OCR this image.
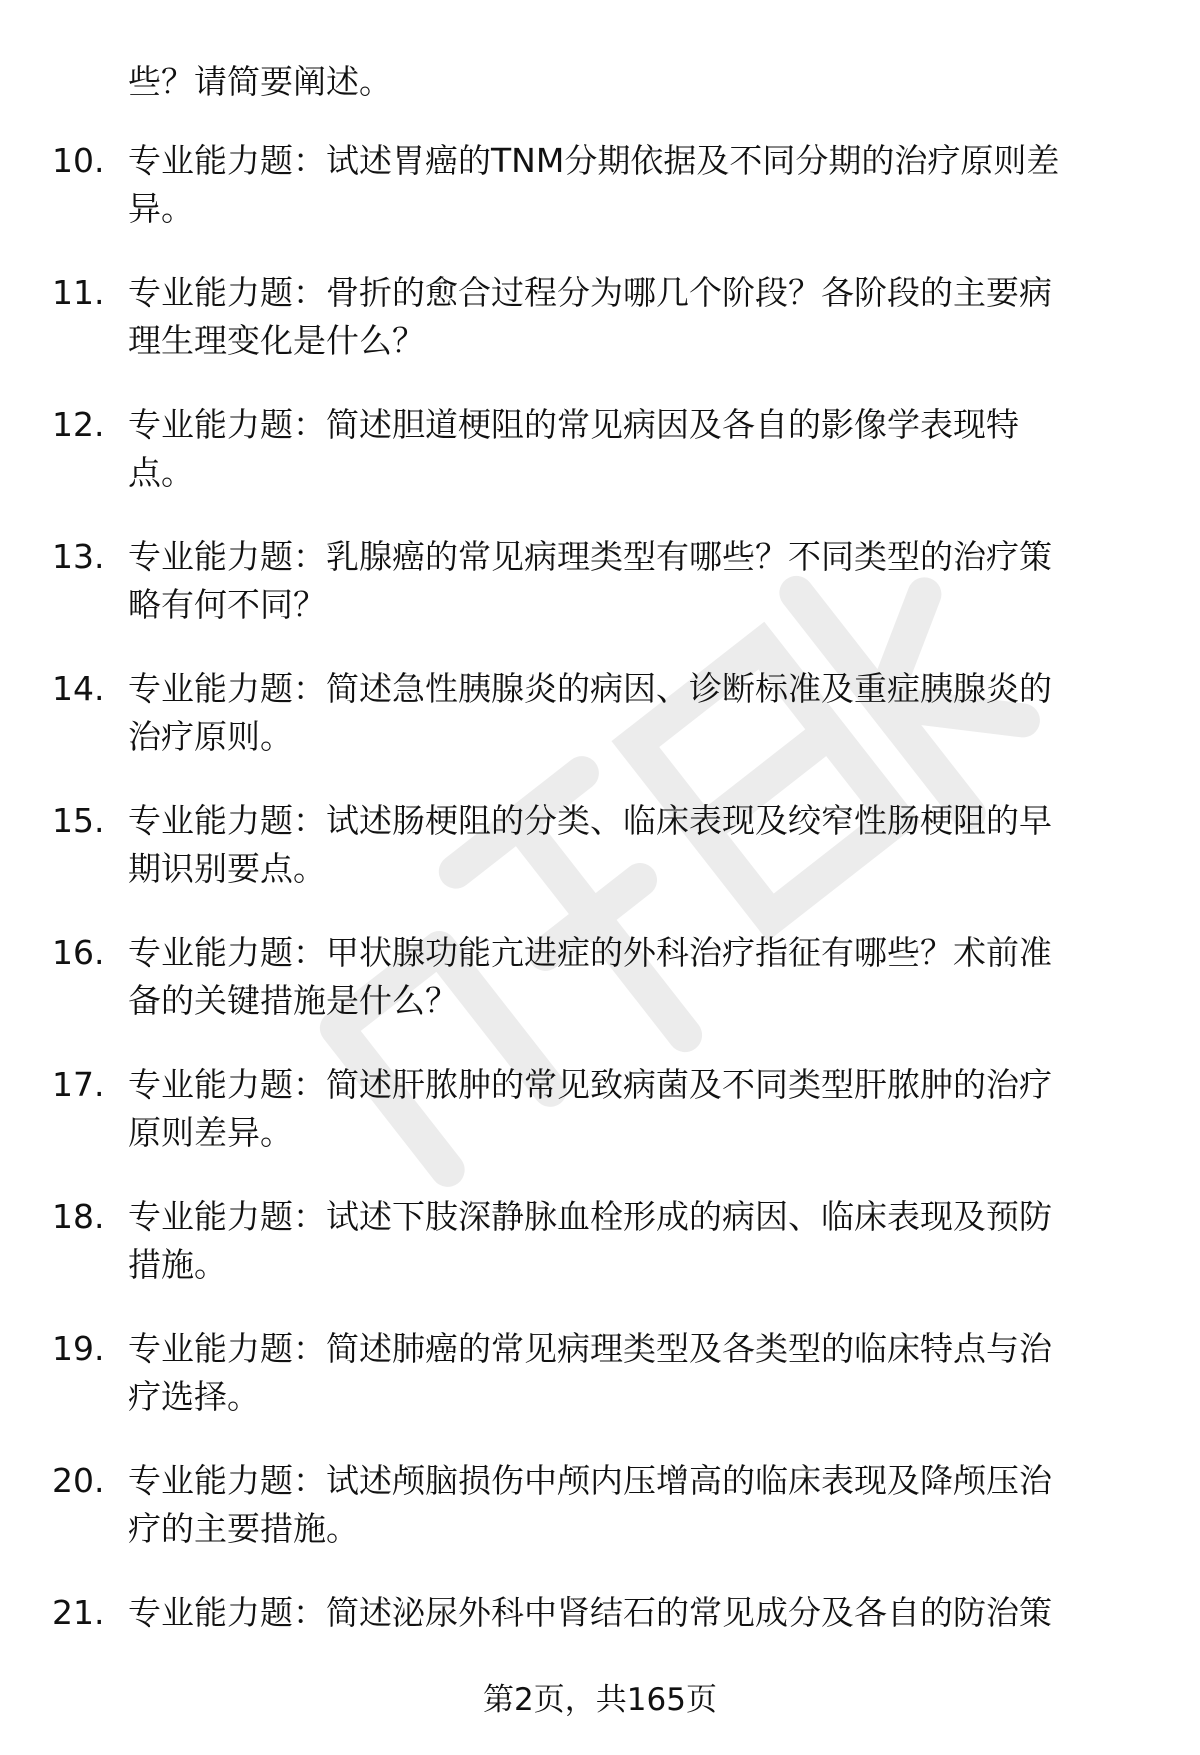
些？请简要阐述。
10. 专业能力题：试述胃癌的TNM分期依据及不同分期的治疗原则差
异。
11. 专业能力题：骨折的愈合过程分为哪几个阶段？各阶段的主要病
理生理变化是什么？
12. 专业能力题：简述胆道梗阻的常见病因及各自的影像学表现特
点。
13. 专业能力题：乳腺癌的常见病理类型有哪些？不同类型的治疗策
略有何不同？
14. 专业能力题：简述急性胰腺炎的病因、诊断标准及重症胰腺炎的
治疗原则。
15. 专业能力题：试述肠梗阻的分类、临床表现及绞窄性肠梗阻的早
期识别要点。
16. 专业能力题：甲状腺功能亢进症的外科治疗指征有哪些？术前准
备的关键措施是什么？
17. 专业能力题：简述肝脓肿的常见致病菌及不同类型肝脓肿的治疗
原则差异。
18. 专业能力题：试述下肢深静脉血栓形成的病因、临床表现及预防
措施。
19. 专业能力题：简述肺癌的常见病理类型及各类型的临床特点与治
疗选择。
20. 专业能力题：试述颅脑损伤中颅内压增高的临床表现及降颅压治
疗的主要措施。
21. 专业能力题：简述泌尿外科中肾结石的常见成分及各自的防治策
第2页，共165页
